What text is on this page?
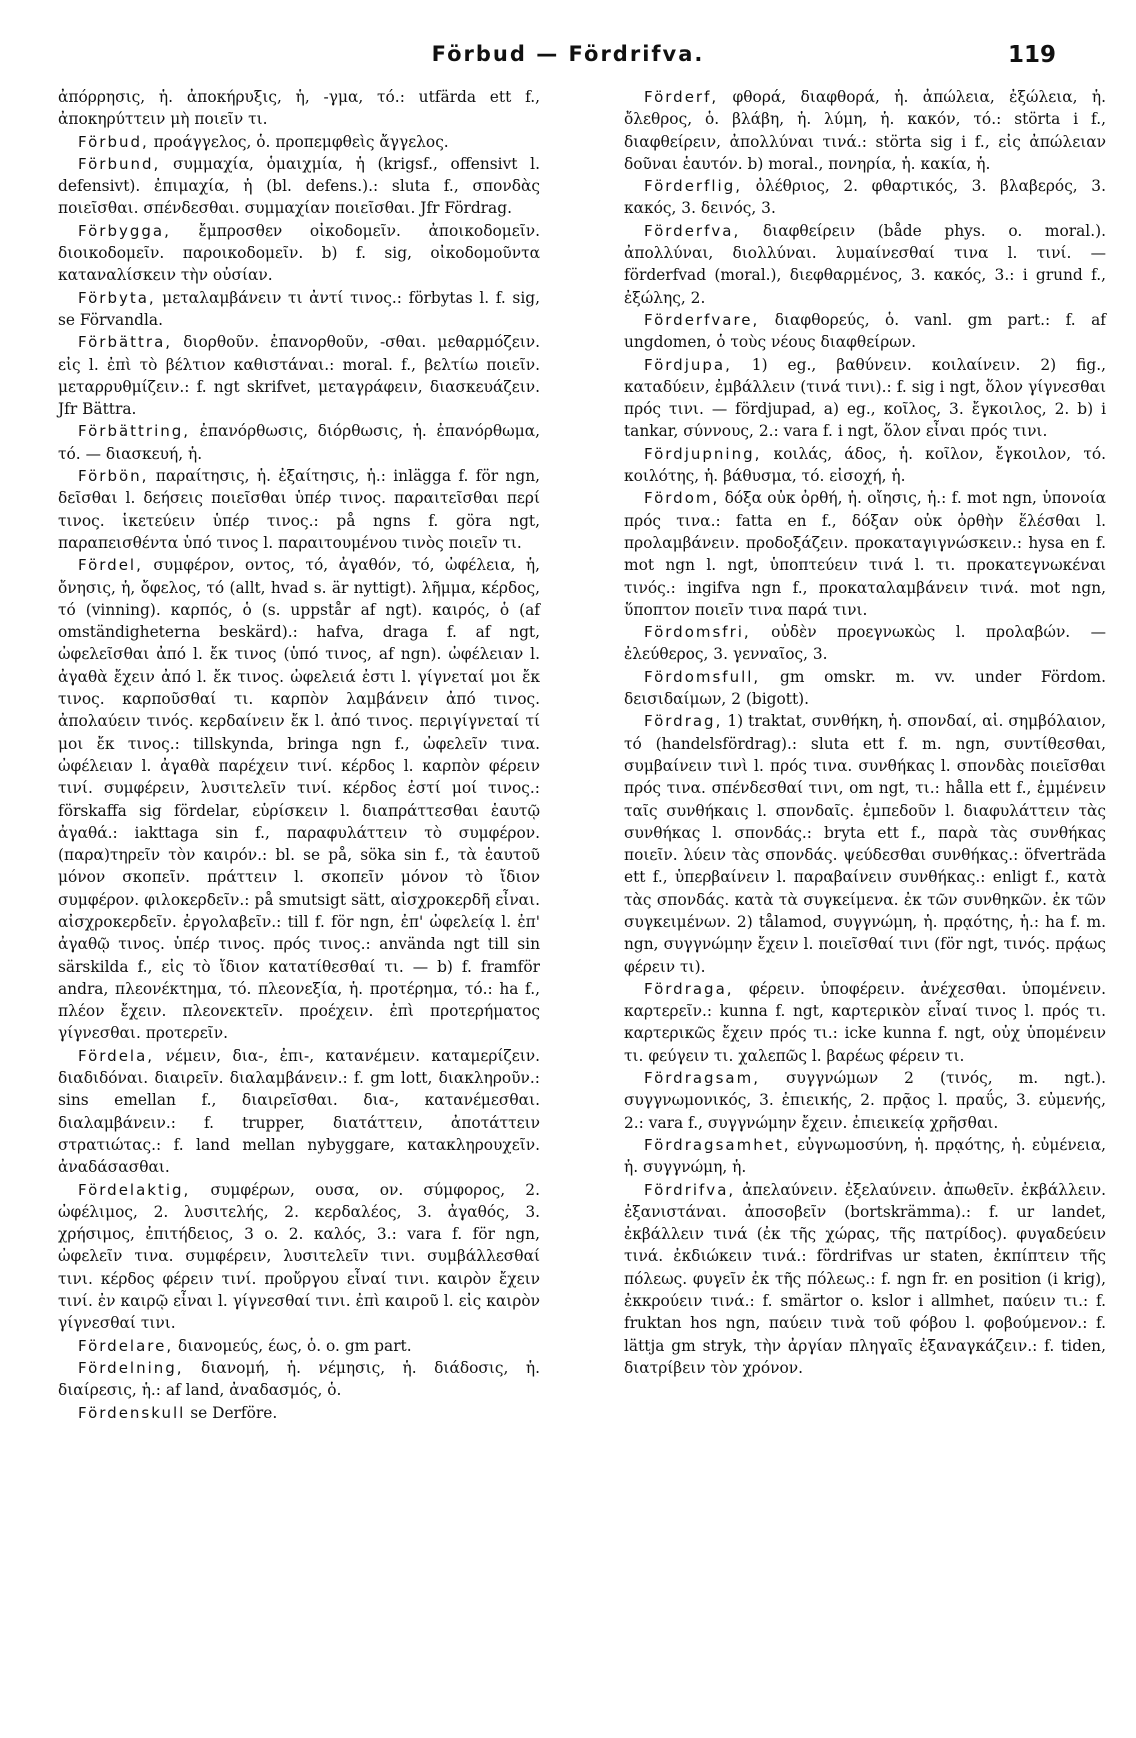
Förbud — Fördrifva.	119

ἀπόρρησις, ἡ. ἀποκήρυξις, ἡ, -γμα, τό.: utfärda ett f., ἀποκηρύττειν μὴ ποιεῖν τι.

Förbud, προάγγελος, ὁ. προπεμφθεὶς ἄγγελος.

Förbund, συμμαχία, ὁμαιχμία, ἡ (krigsf., offensivt l. defensivt). ἐπιμαχία, ἡ (bl. defens.).: sluta f., σπονδὰς ποιεῖσθαι. σπένδεσθαι. συμμαχίαν ποιεῖσθαι. Jfr Fördrag.

Förbygga, ἔμπροσθεν οἰκοδομεῖν. ἀποικοδομεῖν. διοικοδομεῖν. παροικοδομεῖν. b) f. sig, οἰκοδομοῦντα καταναλίσκειν τὴν οὐσίαν.

Förbyta, μεταλαμβάνειν τι ἀντί τινος.: förbytas l. f. sig, se Förvandla.

Förbättra, διορθοῦν. ἐπανορθοῦν, -σθαι. μεθαρμόζειν. εἰς l. ἐπὶ τὸ βέλτιον καθιστάναι.: moral. f., βελτίω ποιεῖν. μεταρρυθμίζειν.: f. ngt skrifvet, μεταγράφειν, διασκευάζειν. Jfr Bättra.

Förbättring, ἐπανόρθωσις, διόρθωσις, ἡ. ἐπανόρθωμα, τό. — διασκευή, ἡ.

Förbön, παραίτησις, ἡ. ἐξαίτησις, ἡ.: inlägga f. för ngn, δεῖσθαι l. δεήσεις ποιεῖσθαι ὑπέρ τινος. παραιτεῖσθαι περί τινος. ἱκετεύειν ὑπέρ τινος.: på ngns f. göra ngt, παραπεισθέντα ὑπό τινος l. παραιτουμένου τινὸς ποιεῖν τι.

Fördel, συμφέρον, οντος, τό, ἀγαθόν, τό, ὠφέλεια, ἡ, ὄνησις, ἡ, ὄφελος, τό (allt, hvad s. är nyttigt). λῆμμα, κέρδος, τό (vinning). καρπός, ὁ (s. uppstår af ngt). καιρός, ὁ (af omständigheterna beskärd).: hafva, draga f. af ngt, ὠφελεῖσθαι ἀπό l. ἔκ τινος (ὑπό τινος, af ngn). ὠφέλειαν l. ἀγαθὰ ἔχειν ἀπό l. ἔκ τινος. ὠφελειά ἐστι l. γίγνεταί μοι ἔκ τινος. καρποῦσθαί τι. καρπὸν λαμβάνειν ἀπό τινος. ἀπολαύειν τινός. κερδαίνειν ἔκ l. ἀπό τινος. περιγίγνεταί τί μοι ἔκ τινος.: tillskynda, bringa ngn f., ὠφελεῖν τινα. ὠφέλειαν l. ἀγαθὰ παρέχειν τινί. κέρδος l. καρπὸν φέρειν τινί. συμφέρειν, λυσιτελεῖν τινί. κέρδος ἐστί μοί τινος.: förskaffa sig fördelar, εὑρίσκειν l. διαπράττεσθαι ἑαυτῷ ἀγαθά.: iakttaga sin f., παραφυλάττειν τὸ συμφέρον. (παρα)τηρεῖν τὸν καιρόν.: bl. se på, söka sin f., τὰ ἑαυτοῦ μόνον σκοπεῖν. πράττειν l. σκοπεῖν μόνον τὸ ἴδιον συμφέρον. φιλοκερδεῖν.: på smutsigt sätt, αἰσχροκερδῆ εἶναι. αἰσχροκερδεῖν. ἐργολαβεῖν.: till f. för ngn, ἐπ' ὠφελείᾳ l. ἐπ' ἀγαθῷ τινος. ὑπέρ τινος. πρός τινος.: använda ngt till sin särskilda f., εἰς τὸ ἴδιον κατατίθεσθαί τι. — b) f. framför andra, πλεονέκτημα, τό. πλεονεξία, ἡ. προτέρημα, τό.: ha f., πλέον ἔχειν. πλεονεκτεῖν. προέχειν. ἐπὶ προτερήματος γίγνεσθαι. προτερεῖν.

Fördela, νέμειν, δια-, ἐπι-, κατανέμειν. καταμερίζειν. διαδιδόναι. διαιρεῖν. διαλαμβάνειν.: f. gm lott, διακληροῦν.: sins emellan f., διαιρεῖσθαι. δια-, κατανέμεσθαι. διαλαμβάνειν.: f. trupper, διατάττειν, ἀποτάττειν στρατιώτας.: f. land mellan nybyggare, κατακληρουχεῖν. ἀναδάσασθαι.

Fördelaktig, συμφέρων, ουσα, ον. σύμφορος, 2. ὠφέλιμος, 2. λυσιτελής, 2. κερδαλέος, 3. ἀγαθός, 3. χρήσιμος, ἐπιτήδειος, 3 o. 2. καλός, 3.: vara f. för ngn, ὠφελεῖν τινα. συμφέρειν, λυσιτελεῖν τινι. συμβάλλεσθαί τινι. κέρδος φέρειν τινί. προὔργου εἶναί τινι. καιρὸν ἔχειν τινί. ἐν καιρῷ εἶναι l. γίγνεσθαί τινι. ἐπὶ καιροῦ l. εἰς καιρὸν γίγνεσθαί τινι.

Fördelare, διανομεύς, έως, ὁ. o. gm part.

Fördelning, διανομή, ἡ. νέμησις, ἡ. διάδοσις, ἡ. διαίρεσις, ἡ.: af land, ἀναδασμός, ὁ.

Fördenskull se Derföre.

Förderf, φθορά, διαφθορά, ἡ. ἀπώλεια, ἐξώλεια, ἡ. ὄλεθρος, ὁ. βλάβη, ἡ. λύμη, ἡ. κακόν, τό.: störta i f., διαφθείρειν, ἀπολλύναι τινά.: störta sig i f., εἰς ἀπώλειαν δοῦναι ἑαυτόν. b) moral., πονηρία, ἡ. κακία, ἡ.

Förderflig, ὀλέθριος, 2. φθαρτικός, 3. βλαβερός, 3. κακός, 3. δεινός, 3.

Förderfva, διαφθείρειν (både phys. o. moral.). ἀπολλύναι, διολλύναι. λυμαίνεσθαί τινα l. τινί. — förderfvad (moral.), διεφθαρμένος, 3. κακός, 3.: i grund f., ἐξώλης, 2.

Förderfvare, διαφθορεύς, ὁ. vanl. gm part.: f. af ungdomen, ὁ τοὺς νέους διαφθείρων.

Fördjupa, 1) eg., βαθύνειν. κοιλαίνειν. 2) fig., καταδύειν, ἐμβάλλειν (τινά τινι).: f. sig i ngt, ὅλον γίγνεσθαι πρός τινι. — fördjupad, a) eg., κοῖλος, 3. ἔγκοιλος, 2. b) i tankar, σύννους, 2.: vara f. i ngt, ὅλον εἶναι πρός τινι.

Fördjupning, κοιλάς, άδος, ἡ. κοῖλον, ἔγκοιλον, τό. κοιλότης, ἡ. βάθυσμα, τό. εἰσοχή, ἡ.

Fördom, δόξα οὐκ ὀρθή, ἡ. οἴησις, ἡ.: f. mot ngn, ὑπονοία πρός τινα.: fatta en f., δόξαν οὐκ ὀρθὴν ἕλέσθαι l. προλαμβάνειν. προδοξάζειν. προκαταγιγνώσκειν.: hysa en f. mot ngn l. ngt, ὑποπτεύειν τινά l. τι. προκατεγνωκέναι τινός.: ingifva ngn f., προκαταλαμβάνειν τινά. mot ngn, ὕποπτον ποιεῖν τινα παρά τινι.

Fördomsfri, οὐδὲν προεγνωκὼς l. προλαβών. — ἐλεύθερος, 3. γενναῖος, 3.

Fördomsfull, gm omskr. m. vv. under Fördom. δεισιδαίμων, 2 (bigott).

Fördrag, 1) traktat, συνθήκη, ἡ. σπονδαί, αἱ. σημβόλαιον, τό (handelsfördrag).: sluta ett f. m. ngn, συντίθεσθαι, συμβαίνειν τινὶ l. πρός τινα. συνθήκας l. σπονδὰς ποιεῖσθαι πρός τινα. σπένδεσθαί τινι, om ngt, τι.: hålla ett f., ἐμμένειν ταῖς συνθήκαις l. σπονδαῖς. ἐμπεδοῦν l. διαφυλάττειν τὰς συνθήκας l. σπονδάς.: bryta ett f., παρὰ τὰς συνθήκας ποιεῖν. λύειν τὰς σπονδάς. ψεύδεσθαι συνθήκας.: öfverträda ett f., ὑπερβαίνειν l. παραβαίνειν συνθήκας.: enligt f., κατὰ τὰς σπονδάς. κατὰ τὰ συγκείμενα. ἐκ τῶν συνθηκῶν. ἐκ τῶν συγκειμένων. 2) tålamod, συγγνώμη, ἡ. πρᾳότης, ἡ.: ha f. m. ngn, συγγνώμην ἔχειν l. ποιεῖσθαί τινι (för ngt, τινός. πρᾴως φέρειν τι).

Fördraga, φέρειν. ὑποφέρειν. ἀνέχεσθαι. ὑπομένειν. καρτερεῖν.: kunna f. ngt, καρτερικὸν εἶναί τινος l. πρός τι. καρτερικῶς ἔχειν πρός τι.: icke kunna f. ngt, οὐχ ὑπομένειν τι. φεύγειν τι. χαλεπῶς l. βαρέως φέρειν τι.

Fördragsam, συγγνώμων 2 (τινός, m. ngt.). συγγνωμονικός, 3. ἐπιεικής, 2. πρᾷος l. πραΰς, 3. εὐμενής, 2.: vara f., συγγνώμην ἔχειν. ἐπιεικείᾳ χρῆσθαι.

Fördragsamhet, εὐγνωμοσύνη, ἡ. πρᾳότης, ἡ. εὐμένεια, ἡ. συγγνώμη, ἡ.

Fördrifva, ἀπελαύνειν. ἐξελαύνειν. ἀπωθεῖν. ἐκβάλλειν. ἐξανιστάναι. ἀποσοβεῖν (bortskrämma).: f. ur landet, ἐκβάλλειν τινά (ἐκ τῆς χώρας, τῆς πατρίδος). φυγαδεύειν τινά. ἐκδιώκειν τινά.: fördrifvas ur staten, ἐκπίπτειν τῆς πόλεως. φυγεῖν ἐκ τῆς πόλεως.: f. ngn fr. en position (i krig), ἐκκρούειν τινά.: f. smärtor o. kslor i allmhet, παύειν τι.: f. fruktan hos ngn, παύειν τινὰ τοῦ φόβου l. φοβούμενον.: f. lättja gm stryk, τὴν ἀργίαν πληγαῖς ἐξαναγκάζειν.: f. tiden, διατρίβειν τὸν χρόνον.
